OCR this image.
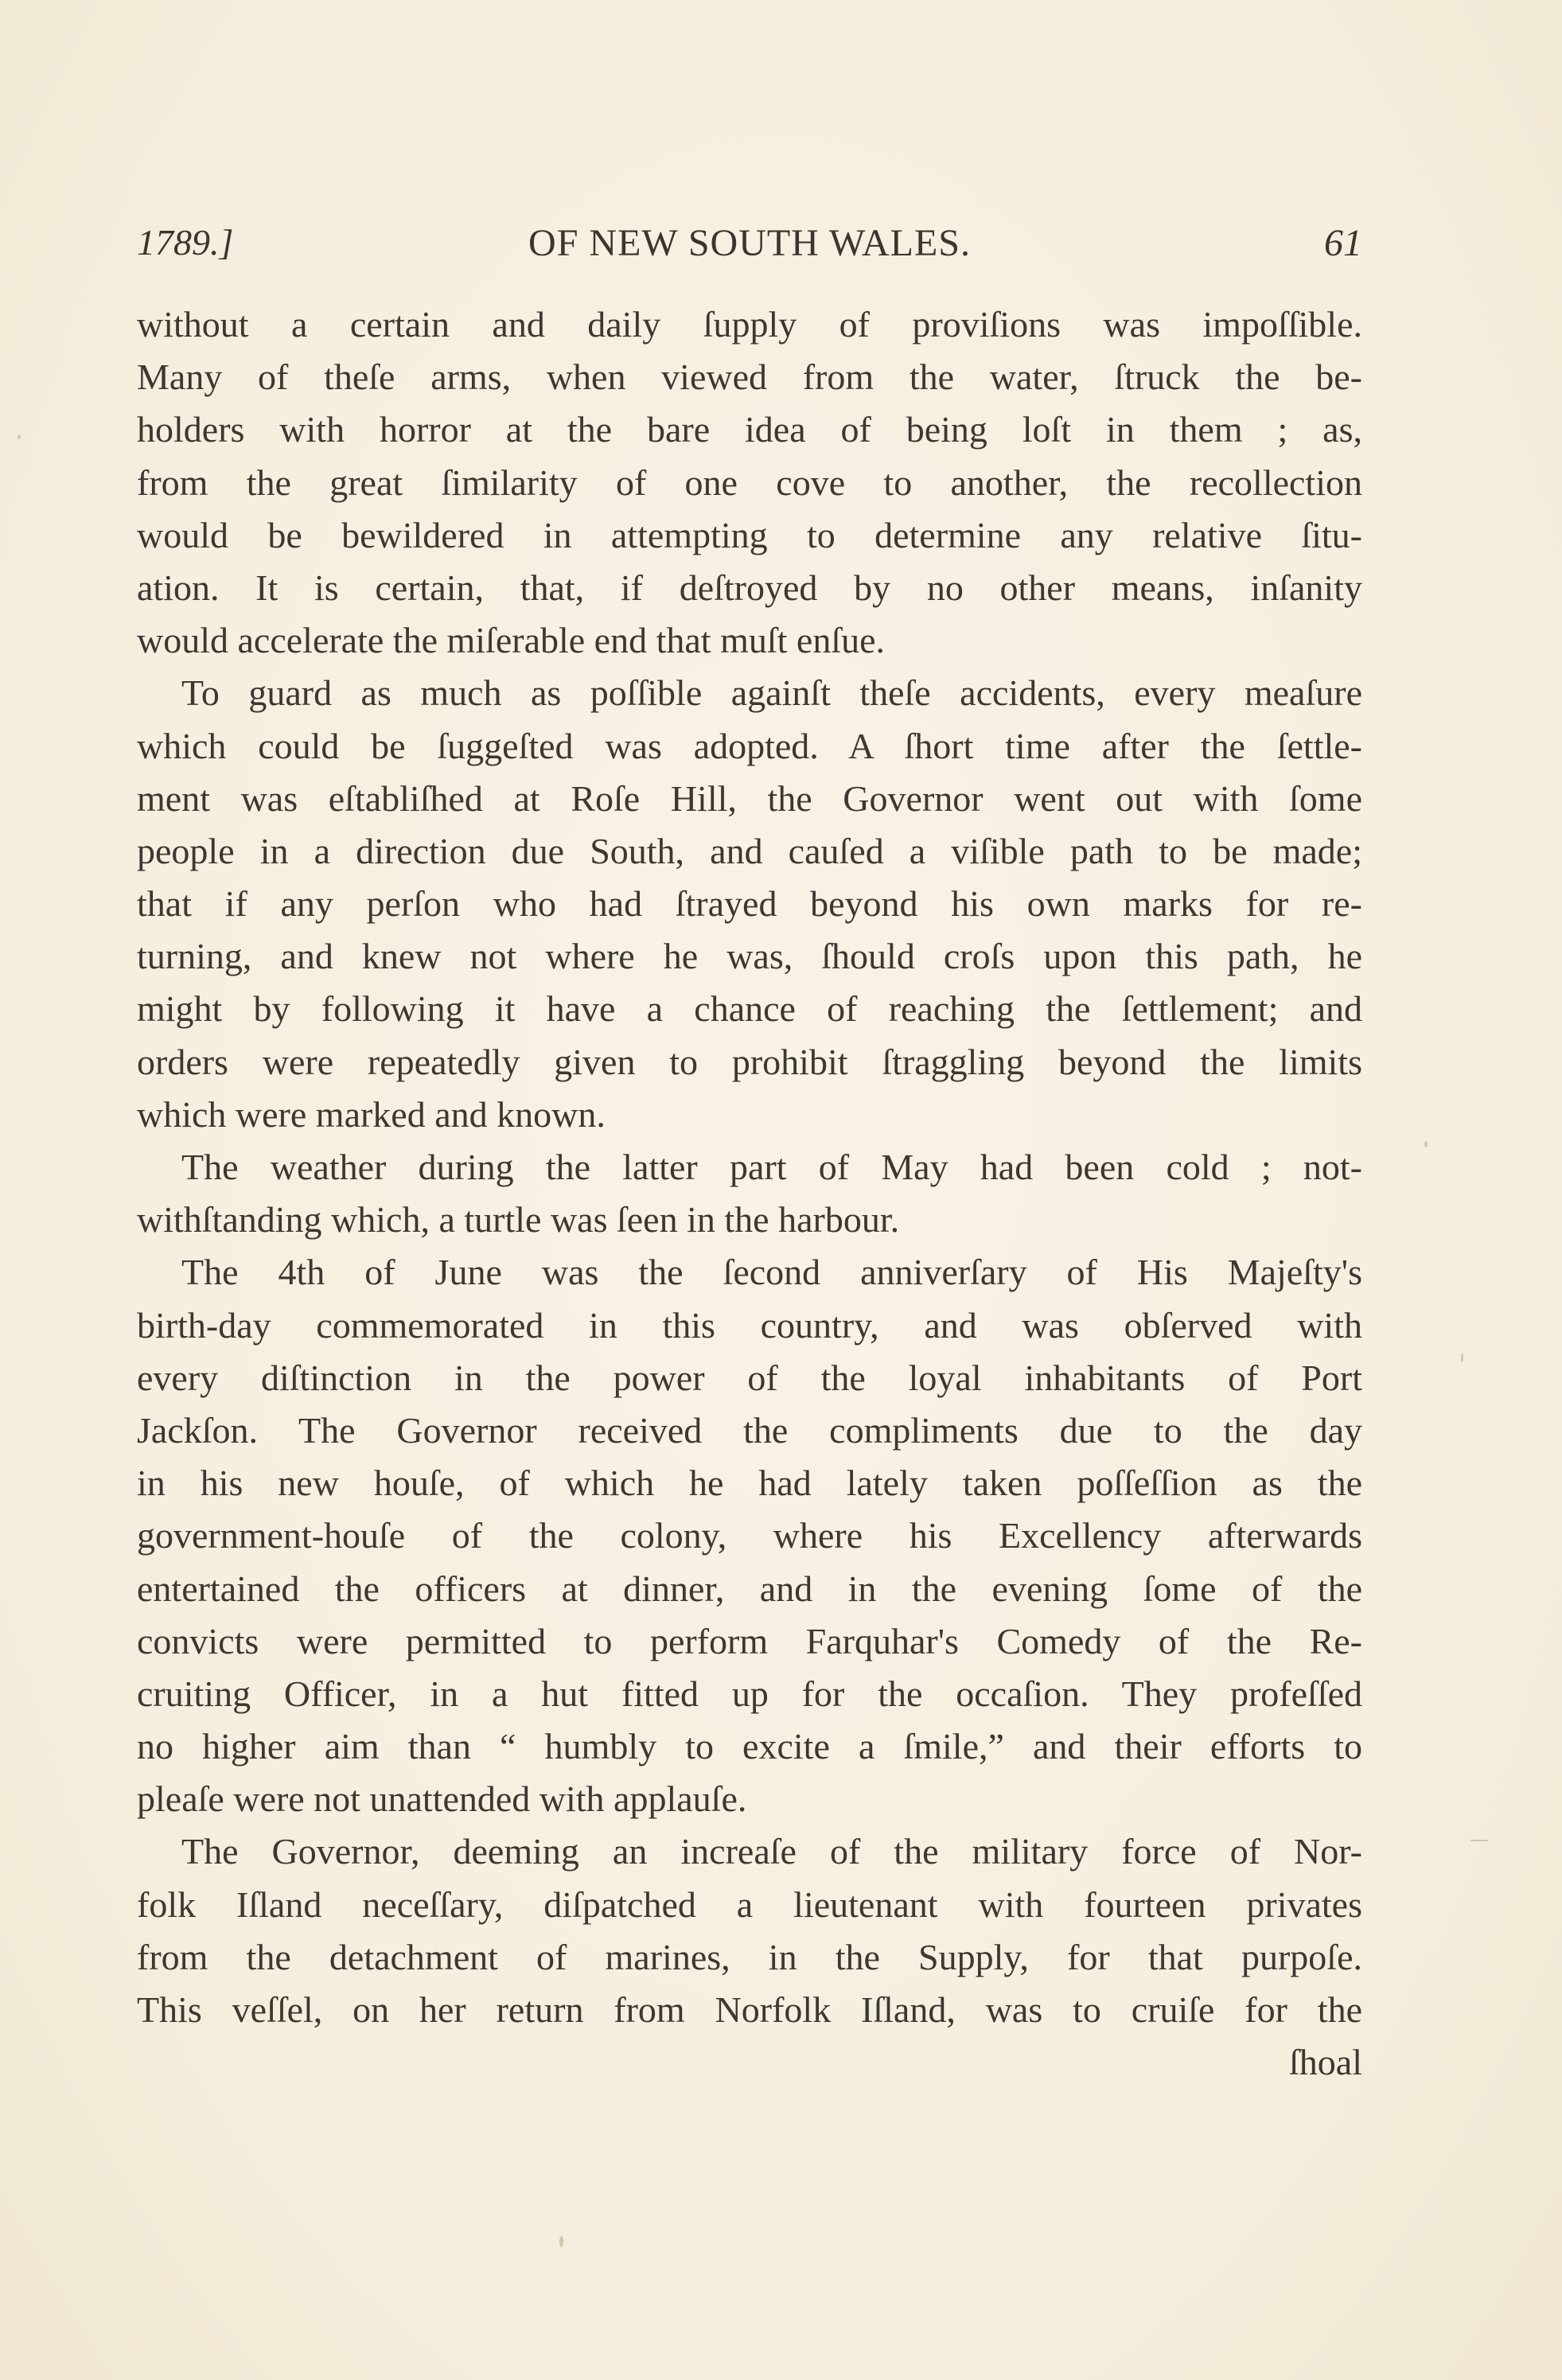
1789.]	OF NEW SOUTH WALES.	61
without a certain and daily ſupply of proviſions was impoſſible.
Many of theſe arms, when viewed from the water, ſtruck the be-
holders with horror at the bare idea of being loſt in them ; as,
from the great ſimilarity of one cove to another, the recollection
would be bewildered in attempting to determine any relative ſitu-
ation. It is certain, that, if deſtroyed by no other means, inſanity
would accelerate the miſerable end that muſt enſue.
To guard as much as poſſible againſt theſe accidents, every meaſure
which could be ſuggeſted was adopted. A ſhort time after the ſettle-
ment was eſtabliſhed at Roſe Hill, the Governor went out with ſome
people in a direction due South, and cauſed a viſible path to be made;
that if any perſon who had ſtrayed beyond his own marks for re-
turning, and knew not where he was, ſhould croſs upon this path, he
might by following it have a chance of reaching the ſettlement; and
orders were repeatedly given to prohibit ſtraggling beyond the limits
which were marked and known.
The weather during the latter part of May had been cold ; not-
withſtanding which, a turtle was ſeen in the harbour.
The 4th of June was the ſecond anniverſary of His Majeſty's
birth-day commemorated in this country, and was obſerved with
every diſtinction in the power of the loyal inhabitants of Port
Jackſon. The Governor received the compliments due to the day
in his new houſe, of which he had lately taken poſſeſſion as the
government-houſe of the colony, where his Excellency afterwards
entertained the officers at dinner, and in the evening ſome of the
convicts were permitted to perform Farquhar's Comedy of the Re-
cruiting Officer, in a hut fitted up for the occaſion. They profeſſed
no higher aim than “ humbly to excite a ſmile,” and their efforts to
pleaſe were not unattended with applauſe.
The Governor, deeming an increaſe of the military force of Nor-
folk Iſland neceſſary, diſpatched a lieutenant with fourteen privates
from the detachment of marines, in the Supply, for that purpoſe.
This veſſel, on her return from Norfolk Iſland, was to cruiſe for the
ſhoal
